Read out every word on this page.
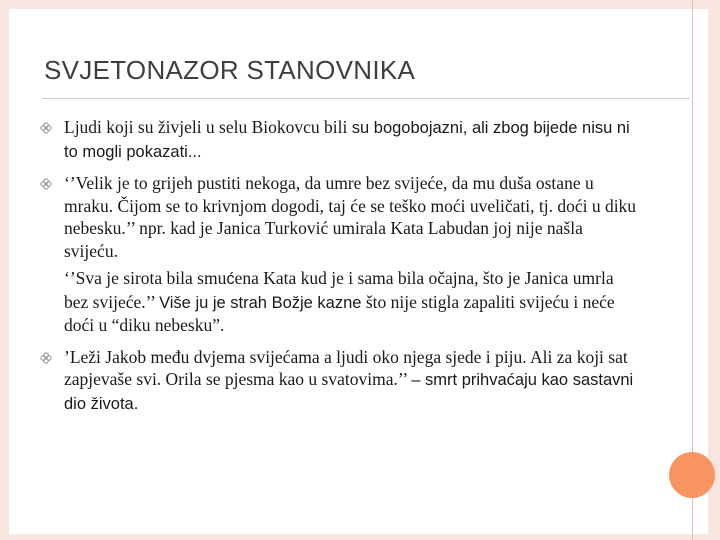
SVJETONAZOR STANOVNIKA
Ljudi koji su živjeli u selu Biokovcu bili su bogobojazni, ali zbog bijede nisu ni to mogli pokazati...
‘’Velik je to grijeh pustiti nekoga, da umre bez svijeće, da mu duša ostane u mraku. Čijom se to krivnjom dogodi, taj će se teško moći uveličati, tj. doći u diku nebesku.’’ npr. kad je Janica Turković umirala Kata Labudan joj nije našla svijeću.
‘’Sva je sirota bila smućena Kata kud je i sama bila očajna, što je Janica umrla bez svijeće.’’ Više ju je strah Božje kazne što nije stigla zapaliti svijeću i neće doći u “diku nebesku”.
’Leži Jakob među dvjema svijećama a ljudi oko njega sjede i piju. Ali za koji sat zapjevaše svi. Orila se pjesma kao u svatovima.’’ – smrt prihvaćaju kao sastavni dio života.
